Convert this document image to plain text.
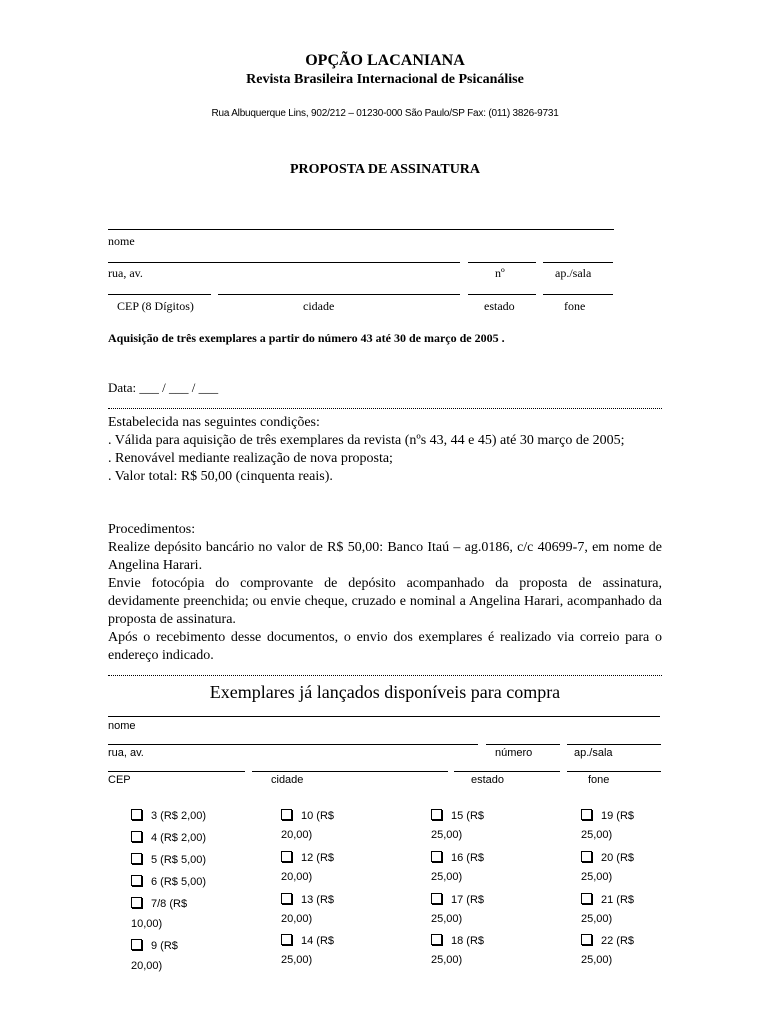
OPÇÃO LACANIANA
Revista Brasileira Internacional de Psicanálise
Rua Albuquerque Lins, 902/212 – 01230-000 São Paulo/SP Fax: (011) 3826-9731
PROPOSTA DE ASSINATURA
nome
rua, av.	nº	ap./sala
CEP (8 Dígitos)	cidade	estado	fone
Aquisição de três exemplares a partir do número 43 até 30 de março de 2005 .
Data: ___ / ___ / ___

Estabelecida nas seguintes condições:

. Válida para aquisição de três exemplares da revista (nºs 43, 44 e 45) até 30 março de 2005;

. Renovável mediante realização de nova proposta;

. Valor total: R$ 50,00 (cinquenta reais).

Procedimentos:

Realize depósito bancário no valor de R$ 50,00: Banco Itaú – ag.0186, c/c 40699-7, em nome de Angelina Harari.

Envie fotocópia do comprovante de depósito acompanhado da proposta de assinatura, devidamente preenchida; ou envie cheque, cruzado e nominal a Angelina Harari, acompanhado da proposta de assinatura.

Após o recebimento desse documentos, o envio dos exemplares é realizado via correio para o endereço indicado.

Exemplares já lançados disponíveis para compra
nome
rua, av.	número	ap./sala
CEP	cidade	estado	fone
3 (R$ 2,00)
4 (R$ 2,00)
5 (R$ 5,00)
6 (R$ 5,00)
7/8 (R$
10,00)
9 (R$
20,00)
10 (R$
20,00)
12 (R$
20,00)
13 (R$
20,00)
14 (R$
25,00)
15 (R$
25,00)
16 (R$
25,00)
17 (R$
25,00)
18 (R$
25,00)
19 (R$
25,00)
20 (R$
25,00)
21 (R$
25,00)
22 (R$
25,00)
